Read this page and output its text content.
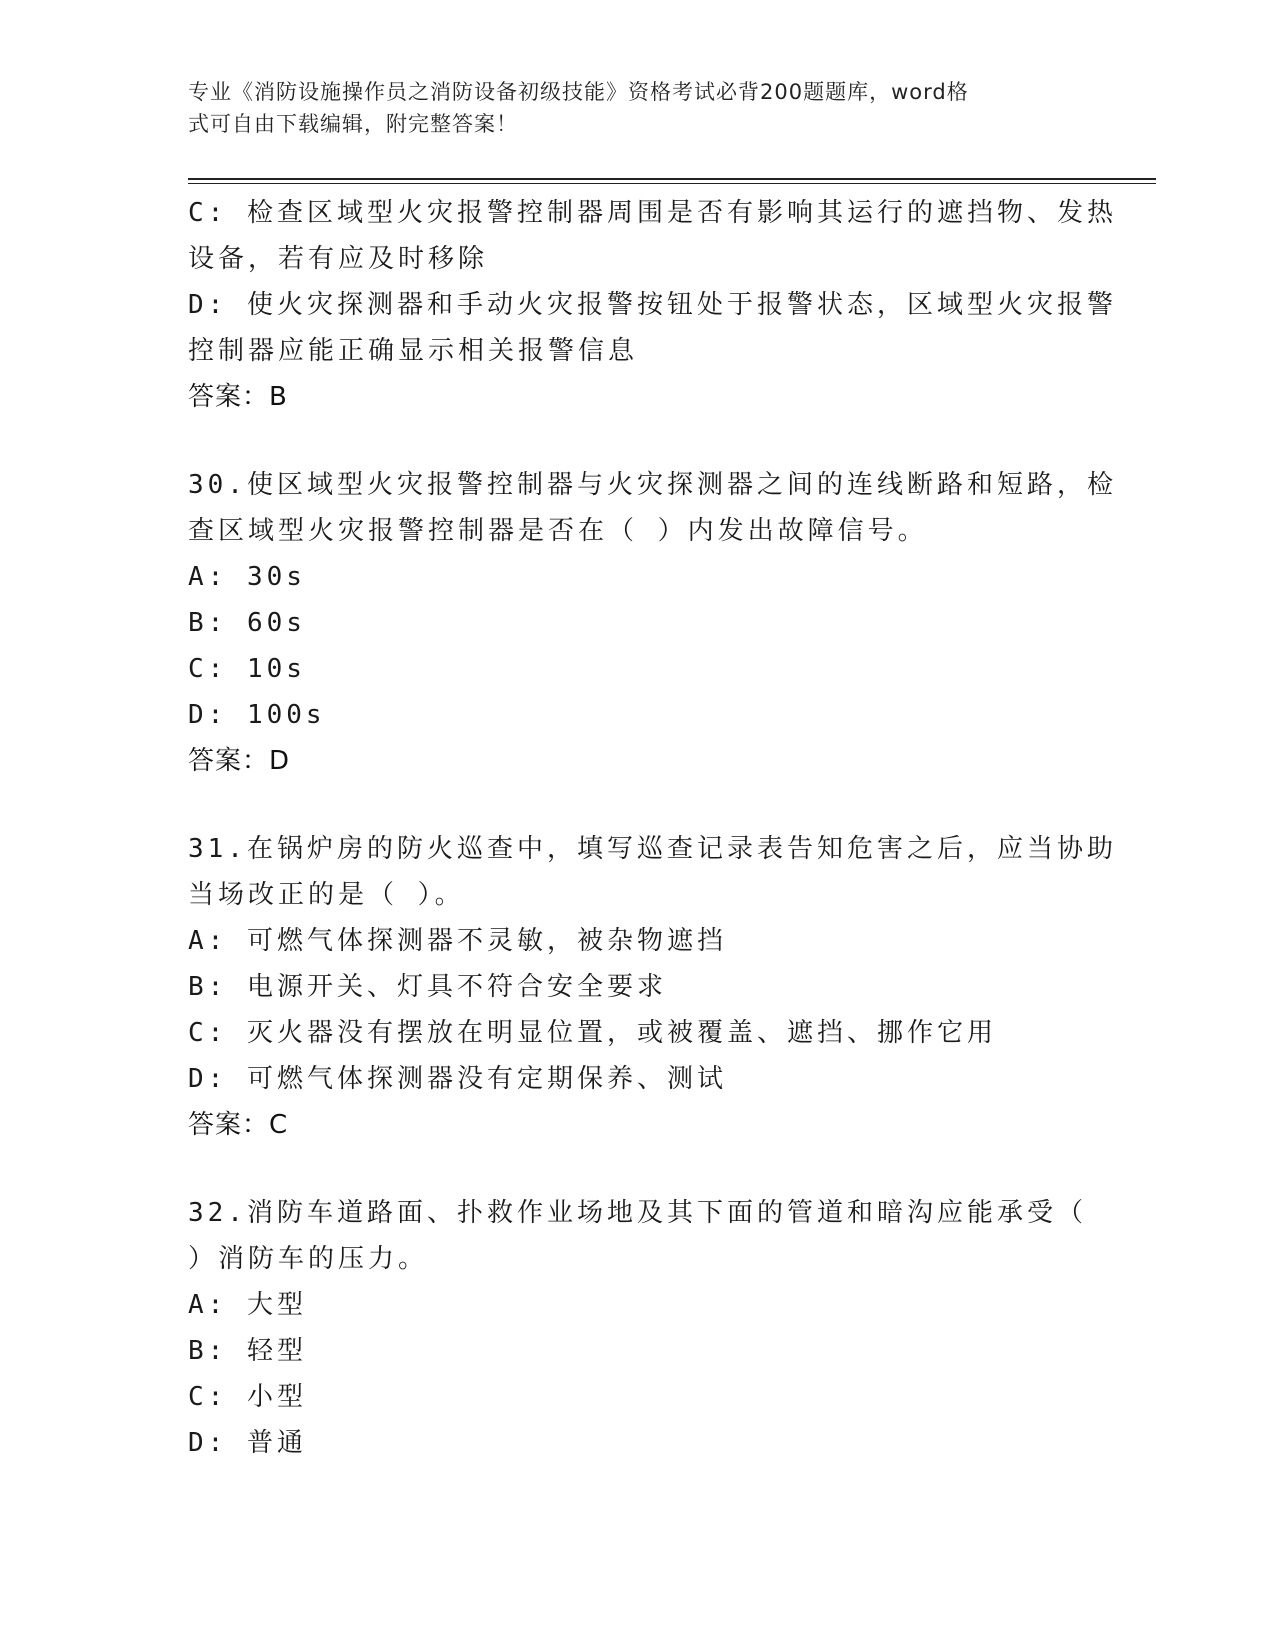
专业《消防设施操作员之消防设备初级技能》资格考试必背200题题库，word格
式可自由下载编辑，附完整答案！
C: 检查区域型火灾报警控制器周围是否有影响其运行的遮挡物、发热
设备，若有应及时移除
D: 使火灾探测器和手动火灾报警按钮处于报警状态，区域型火灾报警
控制器应能正确显示相关报警信息
答案：B
30.使区域型火灾报警控制器与火灾探测器之间的连线断路和短路，检
查区域型火灾报警控制器是否在（ ）内发出故障信号。
A: 30s
B: 60s
C: 10s
D: 100s
答案：D
31.在锅炉房的防火巡查中，填写巡查记录表告知危害之后，应当协助
当场改正的是（ ）。
A: 可燃气体探测器不灵敏，被杂物遮挡
B: 电源开关、灯具不符合安全要求
C: 灭火器没有摆放在明显位置，或被覆盖、遮挡、挪作它用
D: 可燃气体探测器没有定期保养、测试
答案：C
32.消防车道路面、扑救作业场地及其下面的管道和暗沟应能承受（
）消防车的压力。
A: 大型
B: 轻型
C: 小型
D: 普通
